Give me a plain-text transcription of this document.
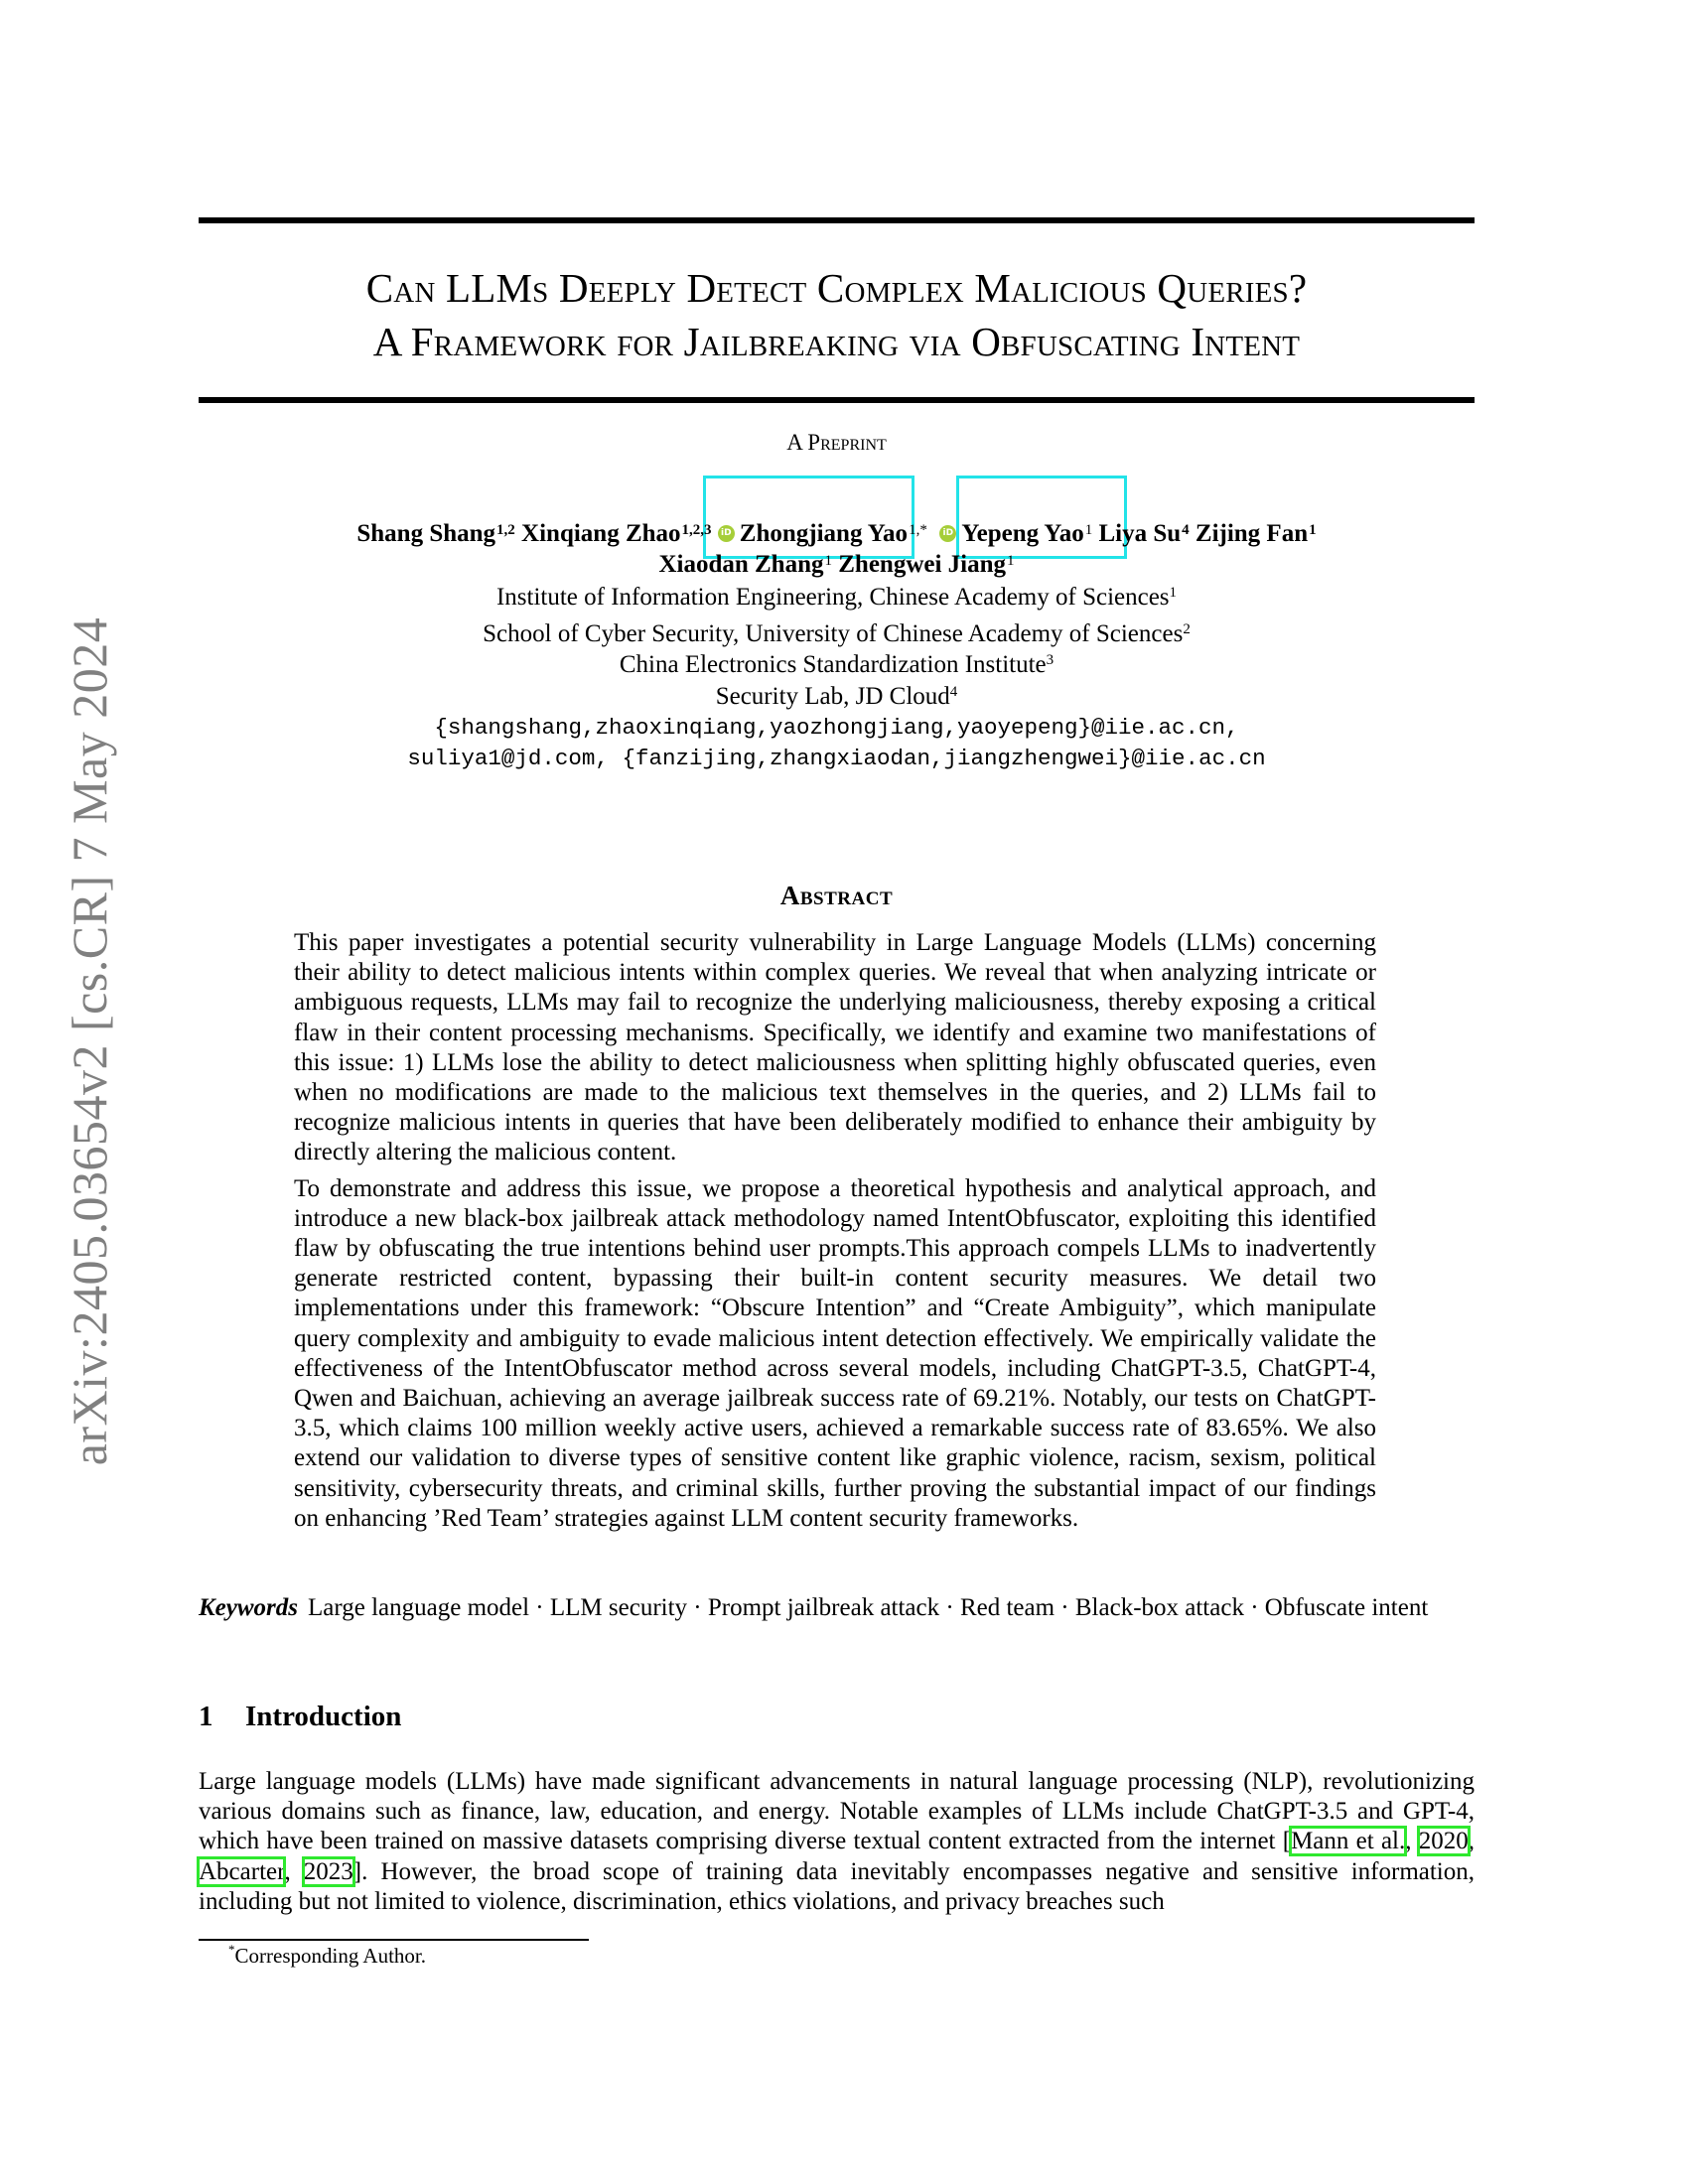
arXiv:2405.03654v2 [cs.CR] 7 May 2024
Can LLMs Deeply Detect Complex Malicious Queries?
A Framework for Jailbreaking via Obfuscating Intent
A Preprint
Shang Shang$^{1,2}$ Xinqiang Zhao$^{1,2,3}$ iD Zhongjiang Yao$^{1,*}$ iD Yepeng Yao$^1$ Liya Su$^4$ Zijing Fan$^1$
Xiaodan Zhang$^1$ Zhengwei Jiang$^1$
Institute of Information Engineering, Chinese Academy of Sciences$^1$
School of Cyber Security, University of Chinese Academy of Sciences$^2$
China Electronics Standardization Institute$^3$
Security Lab, JD Cloud$^4$
{shangshang,zhaoxinqiang,yaozhongjiang,yaoyepeng}@iie.ac.cn,
suliya1@jd.com, {fanzijing,zhangxiaodan,jiangzhengwei}@iie.ac.cn
Abstract

This paper investigates a potential security vulnerability in Large Language Models (LLMs) concerning their ability to detect malicious intents within complex queries. We reveal that when analyzing intricate or ambiguous requests, LLMs may fail to recognize the underlying maliciousness, thereby exposing a critical flaw in their content processing mechanisms. Specifically, we identify and examine two manifestations of this issue: 1) LLMs lose the ability to detect maliciousness when splitting highly obfuscated queries, even when no modifications are made to the malicious text themselves in the queries, and 2) LLMs fail to recognize malicious intents in queries that have been deliberately modified to enhance their ambiguity by directly altering the malicious content.

To demonstrate and address this issue, we propose a theoretical hypothesis and analytical approach, and introduce a new black-box jailbreak attack methodology named IntentObfuscator, exploiting this identified flaw by obfuscating the true intentions behind user prompts.This approach compels LLMs to inadvertently generate restricted content, bypassing their built-in content security measures. We detail two implementations under this framework: “Obscure Intention” and “Create Ambiguity”, which manipulate query complexity and ambiguity to evade malicious intent detection effectively. We empirically validate the effectiveness of the IntentObfuscator method across several models, including ChatGPT-3.5, ChatGPT-4, Qwen and Baichuan, achieving an average jailbreak success rate of 69.21%. Notably, our tests on ChatGPT-3.5, which claims 100 million weekly active users, achieved a remarkable success rate of 83.65%. We also extend our validation to diverse types of sensitive content like graphic violence, racism, sexism, political sensitivity, cybersecurity threats, and criminal skills, further proving the substantial impact of our findings on enhancing ’Red Team’ strategies against LLM content security frameworks.

Keywords Large language model · LLM security · Prompt jailbreak attack · Red team · Black-box attack · Obfuscate intent
1 Introduction
Large language models (LLMs) have made significant advancements in natural language processing (NLP), revolutionizing various domains such as finance, law, education, and energy. Notable examples of LLMs include ChatGPT-3.5 and GPT-4, which have been trained on massive datasets comprising diverse textual content extracted from the internet [Mann et al., 2020, Abcarter, 2023]. However, the broad scope of training data inevitably encompasses negative and sensitive information, including but not limited to violence, discrimination, ethics violations, and privacy breaches such
*Corresponding Author.
